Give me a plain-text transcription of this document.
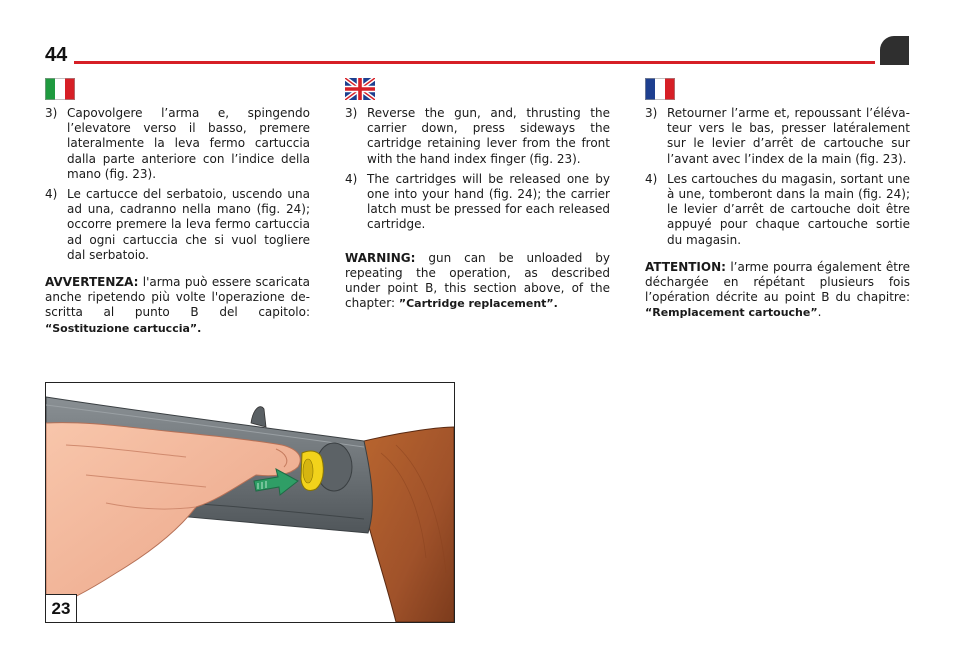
44
3) Capovolgere l’arma e, spingendo l’elevatore verso il basso, premere lateralmente la leva fermo cartuccia dalla parte anteriore con l’indice della mano (fig. 23).
4) Le cartucce del serbatoio, uscendo una ad una, cadranno nella mano (fig. 24); occorre premere la leva fermo cartuccia ad ogni cartuccia che si vuol togliere dal serbatoio.
AVVERTENZA: l'arma può essere scaricata anche ripetendo più volte l'operazione descritta al punto B del capitolo: “Sostituzione cartuccia”.
3) Reverse the gun, and, thrusting the carrier down, press sideways the cartridge retaining lever from the front with the hand index finger (fig. 23).
4) The cartridges will be released one by one into your hand (fig. 24); the carrier latch must be pressed for each released cartridge.
WARNING: gun can be unloaded by repeating the operation, as described under point B, this section above, of the chapter: ”Cartridge replacement”.
3) Retourner l’arme et, repoussant l’élévateur vers le bas, presser latéralement sur le levier d’arrêt de cartouche sur l’avant avec l’index de la main (fig. 23).
4) Les cartouches du magasin, sortant une à une, tomberont dans la main (fig. 24); le levier d’arrêt de cartouche doit être appuyé pour chaque cartouche sortie du magasin.
ATTENTION: l’arme pourra également être déchargée en répétant plusieurs fois l’opération décrite au point B du chapitre: “Remplacement cartouche”.
23
